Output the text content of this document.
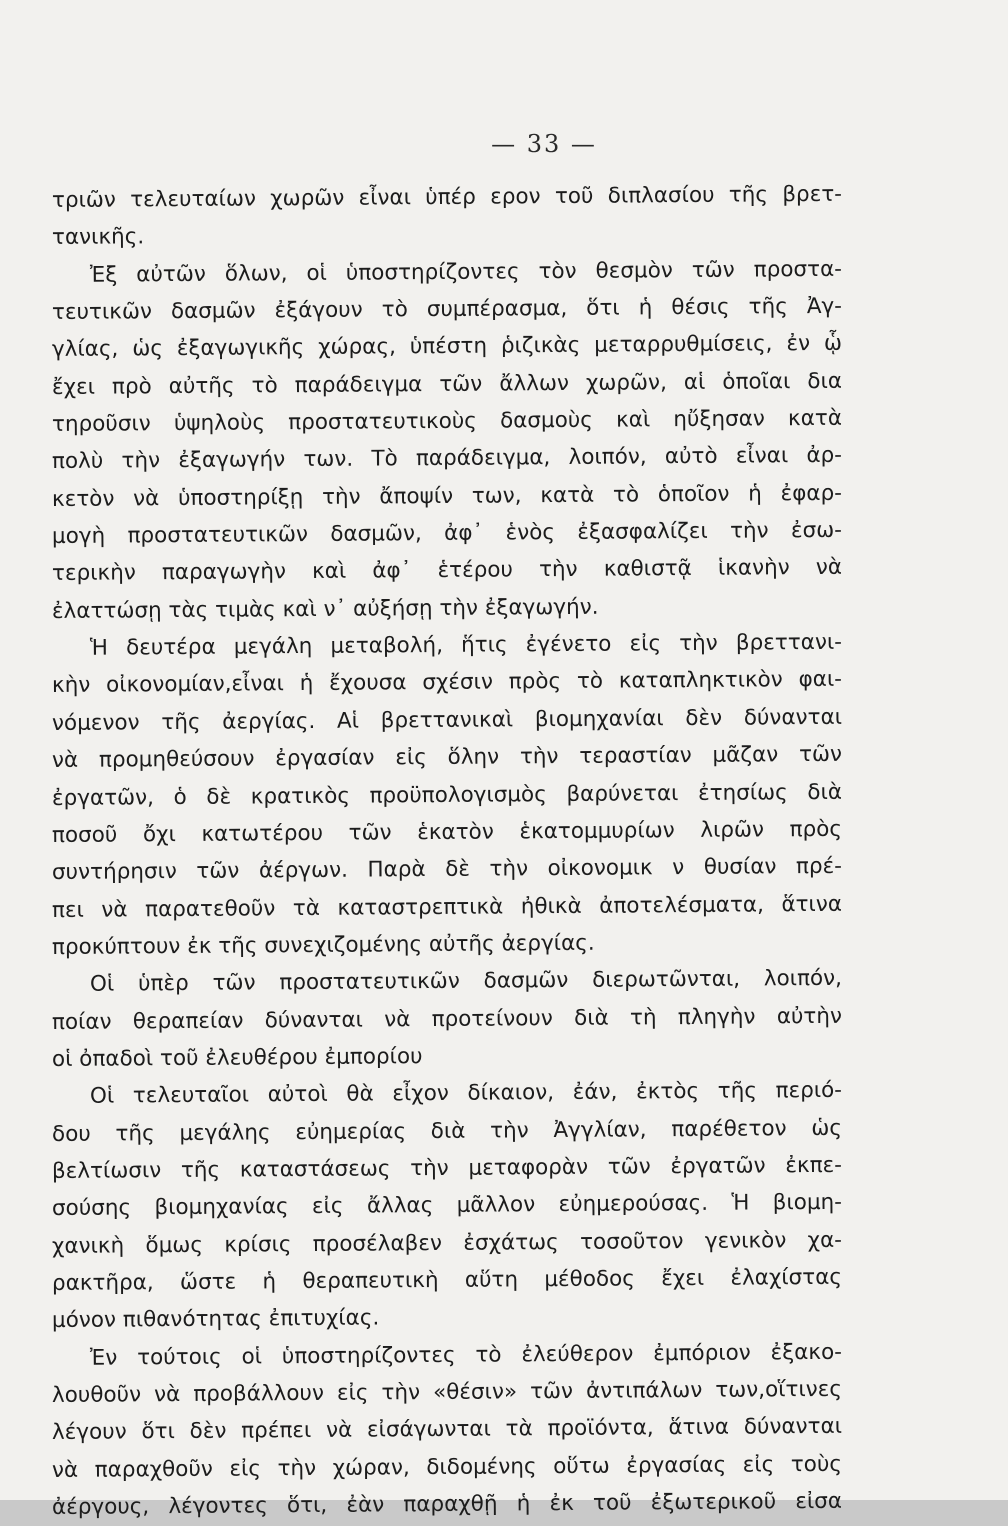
— 33 —
τριῶν τελευταίων χωρῶν εἶναι ὑπέρ ερον τοῦ διπλασίου τῆς βρετ-
τανικῆς.
Ἐξ αὐτῶν ὅλων, οἱ ὑποστηρίζοντες τὸν θεσμὸν τῶν προστα-
τευτικῶν δασμῶν ἐξάγουν τὸ συμπέρασμα, ὅτι ἡ θέσις τῆς Ἀγ-
γλίας, ὡς ἐξαγωγικῆς χώρας, ὑπέστη ῥιζικὰς μεταρρυθμίσεις, ἐν ᾧ
ἔχει πρὸ αὐτῆς τὸ παράδειγμα τῶν ἄλλων χωρῶν, αἱ ὁποῖαι δια
τηροῦσιν ὑψηλοὺς προστατευτικοὺς δασμοὺς καὶ ηὔξησαν κατὰ
πολὺ τὴν ἐξαγωγήν των. Τὸ παράδειγμα, λοιπόν, αὐτὸ εἶναι ἀρ-
κετὸν νὰ ὑποστηρίξῃ τὴν ἄποψίν των, κατὰ τὸ ὁποῖον ἡ ἐφαρ-
μογὴ προστατευτικῶν δασμῶν, ἀφ᾽ ἑνὸς ἐξασφαλίζει τὴν ἐσω-
τερικὴν παραγωγὴν καὶ ἀφ᾽ ἑτέρου τὴν καθιστᾷ ἱκανὴν νὰ
ἐλαττώσῃ τὰς τιμὰς καὶ ν᾽ αὐξήσῃ τὴν ἐξαγωγήν.
Ἡ δευτέρα μεγάλη μεταβολή, ἥτις ἐγένετο εἰς τὴν βρεττανι-
κὴν οἰκονομίαν,εἶναι ἡ ἔχουσα σχέσιν πρὸς τὸ καταπληκτικὸν φαι-
νόμενον τῆς ἀεργίας. Αἱ βρεττανικαὶ βιομηχανίαι δὲν δύνανται
νὰ προμηθεύσουν ἐργασίαν εἰς ὅλην τὴν τεραστίαν μᾶζαν τῶν
ἐργατῶν, ὁ δὲ κρατικὸς προϋπολογισμὸς βαρύνεται ἐτησίως διὰ
ποσοῦ ὄχι κατωτέρου τῶν ἑκατὸν ἑκατομμυρίων λιρῶν πρὸς
συντήρησιν τῶν ἀέργων. Παρὰ δὲ τὴν οἰκονομικ ν θυσίαν πρέ-
πει νὰ παρατεθοῦν τὰ καταστρεπτικὰ ἠθικὰ ἀποτελέσματα, ἅτινα
προκύπτουν ἐκ τῆς συνεχιζομένης αὐτῆς ἀεργίας.
Οἱ ὑπὲρ τῶν προστατευτικῶν δασμῶν διερωτῶνται, λοιπόν,
ποίαν θεραπείαν δύνανται νὰ προτείνουν διὰ τὴ πληγὴν αὐτὴν
οἱ ὀπαδοὶ τοῦ ἐλευθέρου ἐμπορίου
Οἱ τελευταῖοι αὐτοὶ θὰ εἶχον δίκαιον, ἐάν, ἐκτὸς τῆς περιό-
δου τῆς μεγάλης εὐημερίας διὰ τὴν Ἀγγλίαν, παρέθετον ὡς
βελτίωσιν τῆς καταστάσεως τὴν μεταφορὰν τῶν ἐργατῶν ἐκπε-
σούσης βιομηχανίας εἰς ἄλλας μᾶλλον εὐημερούσας. Ἡ βιομη-
χανικὴ ὅμως κρίσις προσέλαβεν ἐσχάτως τοσοῦτον γενικὸν χα-
ρακτῆρα, ὥστε ἡ θεραπευτικὴ αὕτη μέθοδος ἔχει ἐλαχίστας
μόνον πιθανότητας ἐπιτυχίας.
Ἐν τούτοις οἱ ὑποστηρίζοντες τὸ ἐλεύθερον ἐμπόριον ἐξακο-
λουθοῦν νὰ προβάλλουν εἰς τὴν «θέσιν» τῶν ἀντιπάλων των,οἵτινες
λέγουν ὅτι δὲν πρέπει νὰ εἰσάγωνται τὰ προϊόντα, ἅτινα δύνανται
νὰ παραχθοῦν εἰς τὴν χώραν, διδομένης οὕτω ἐργασίας εἰς τοὺς
ἀέργους, λέγοντες ὅτι, ἐὰν παραχθῇ ἡ ἐκ τοῦ ἐξωτερικοῦ εἰσα
